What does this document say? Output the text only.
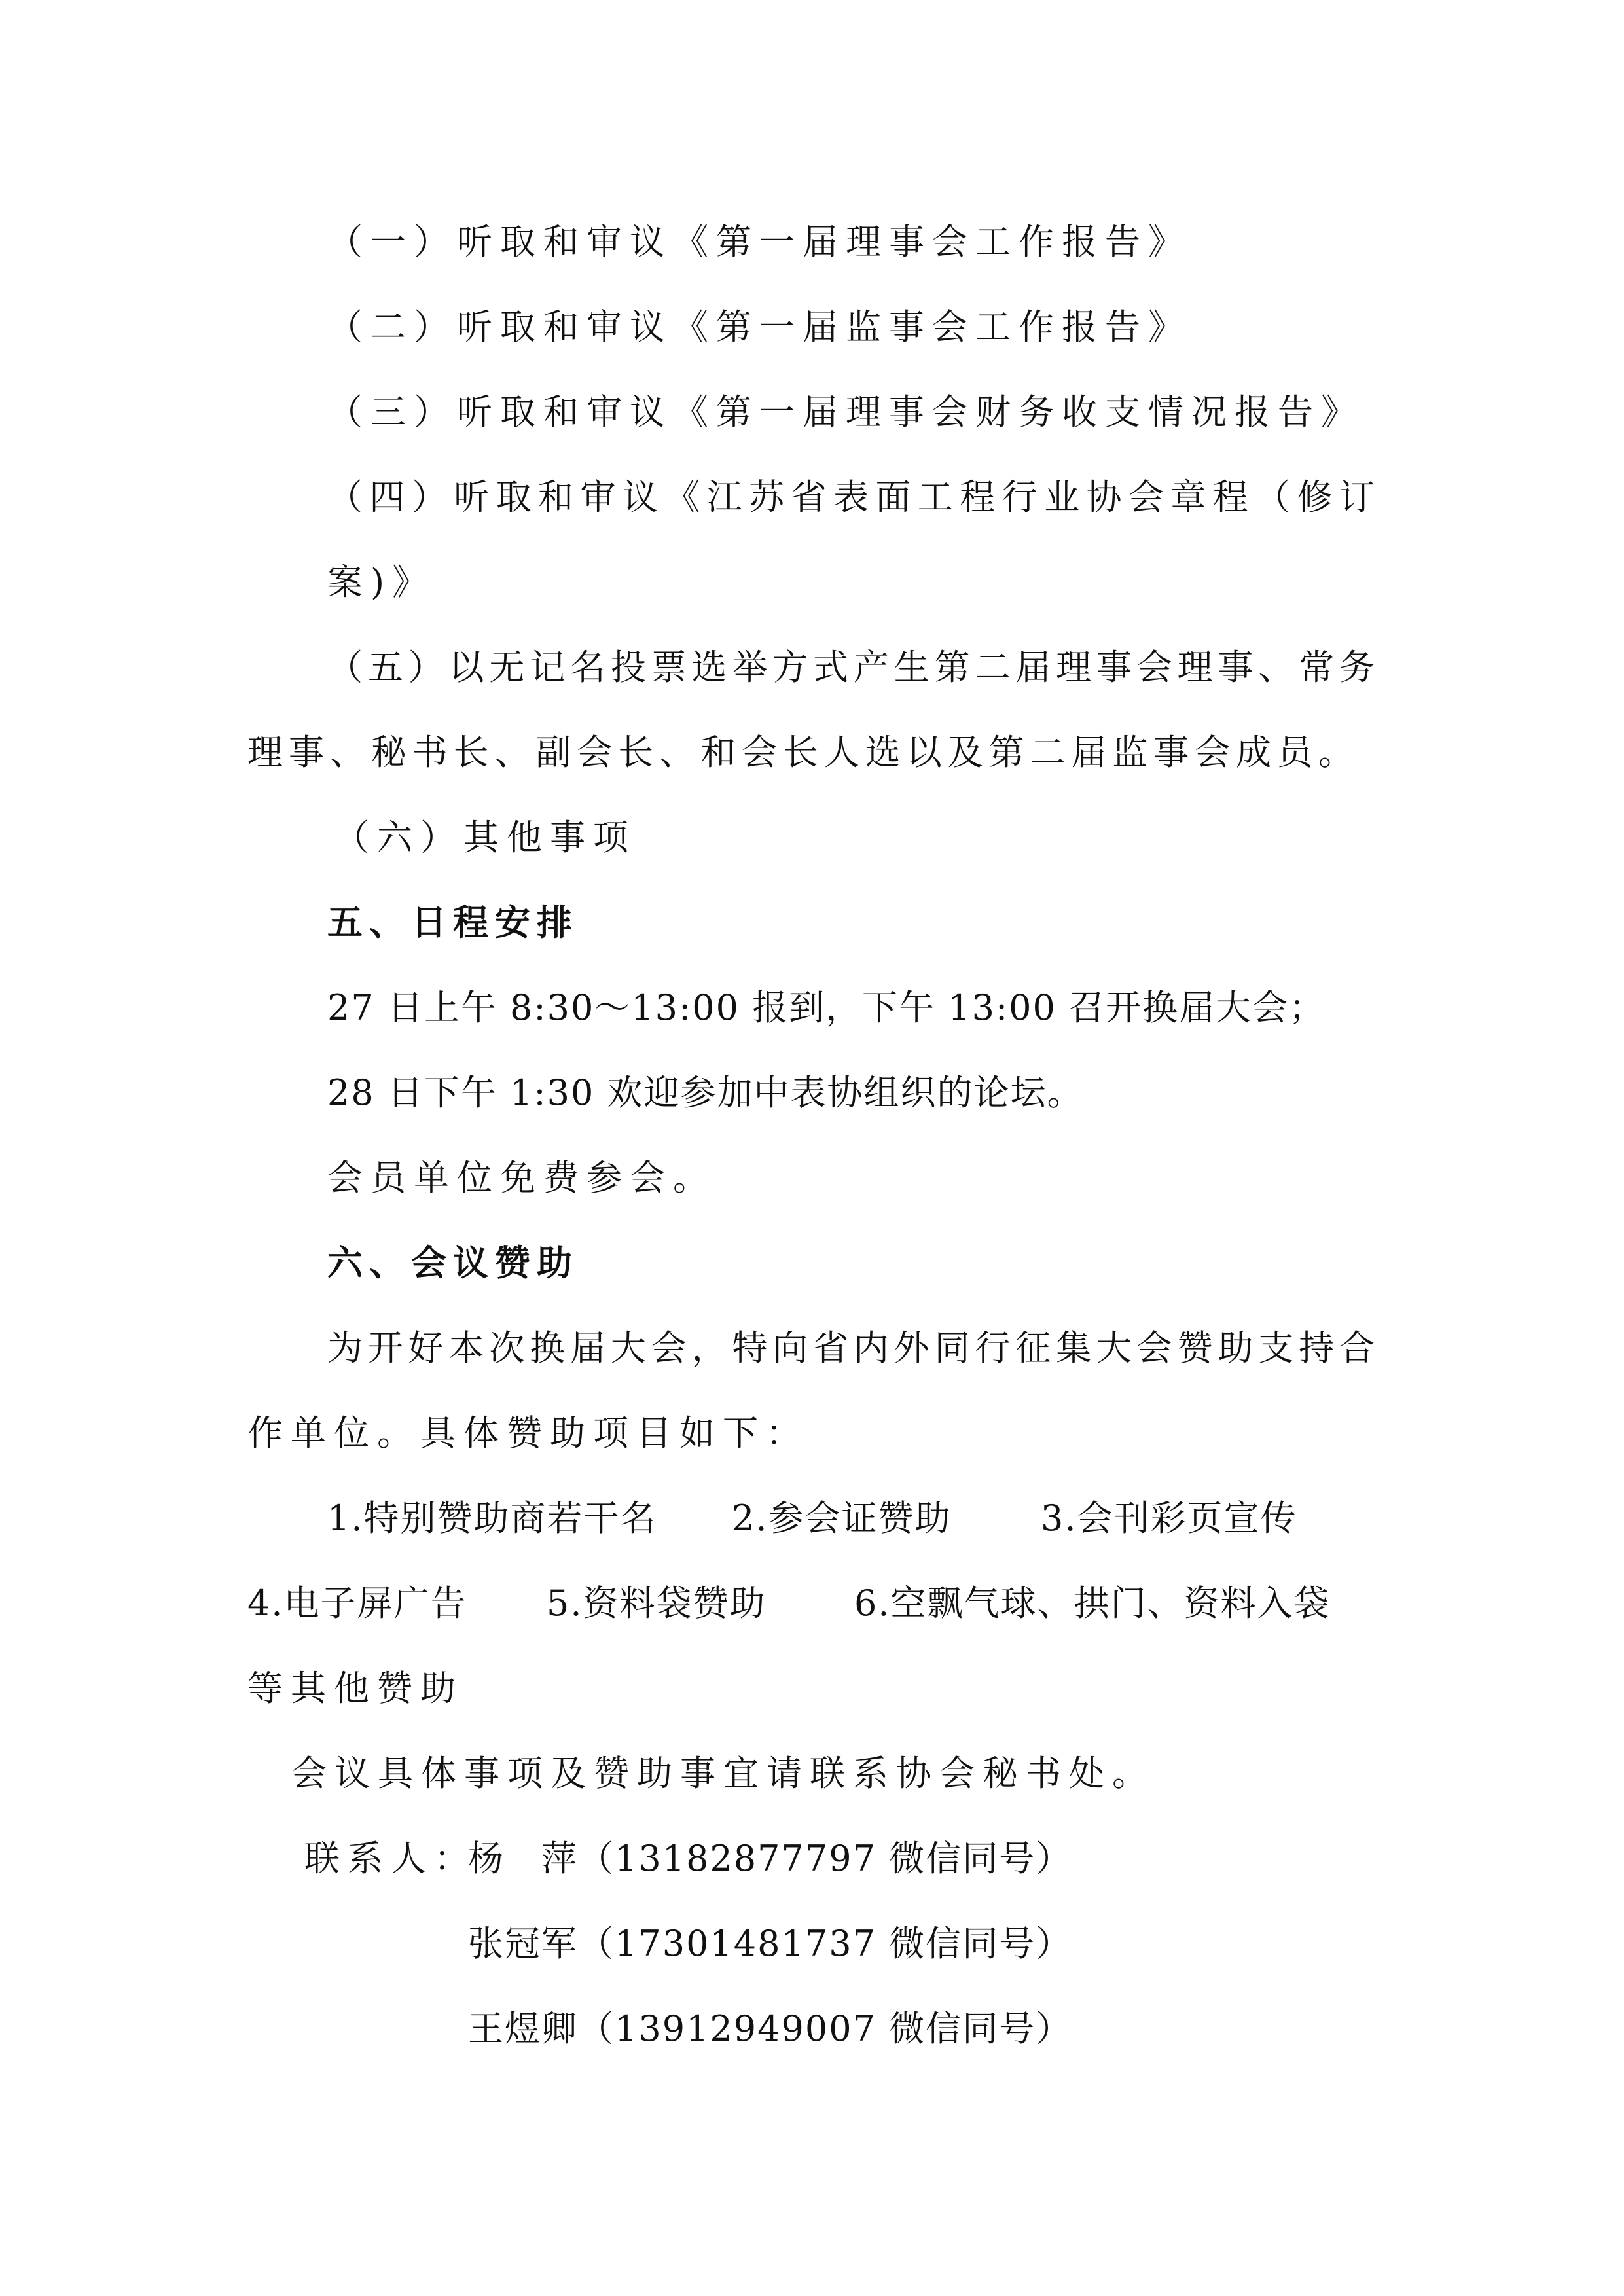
（一）听取和审议《第一届理事会工作报告》
（二）听取和审议《第一届监事会工作报告》
（三）听取和审议《第一届理事会财务收支情况报告》
（四）听取和审议《江苏省表面工程行业协会章程（修订
案)》
（五）以无记名投票选举方式产生第二届理事会理事、常务
理事、秘书长、副会长、和会长人选以及第二届监事会成员。
（六）其他事项
五、日程安排
27 日上午 8:30～13:00 报到，下午 13:00 召开换届大会；
28 日下午 1:30 欢迎参加中表协组织的论坛。
会员单位免费参会。
六、会议赞助
为开好本次换届大会，特向省内外同行征集大会赞助支持合
作单位。具体赞助项目如下：
1.特别赞助商若干名 2.参会证赞助	3.会刊彩页宣传
4.电子屏广告 5.资料袋赞助 6.空飘气球、拱门、资料入袋
等其他赞助
会议具体事项及赞助事宜请联系协会秘书处。
联系人：
杨　萍（13182877797 微信同号）
张冠军（17301481737 微信同号）
王煜卿（13912949007 微信同号）
